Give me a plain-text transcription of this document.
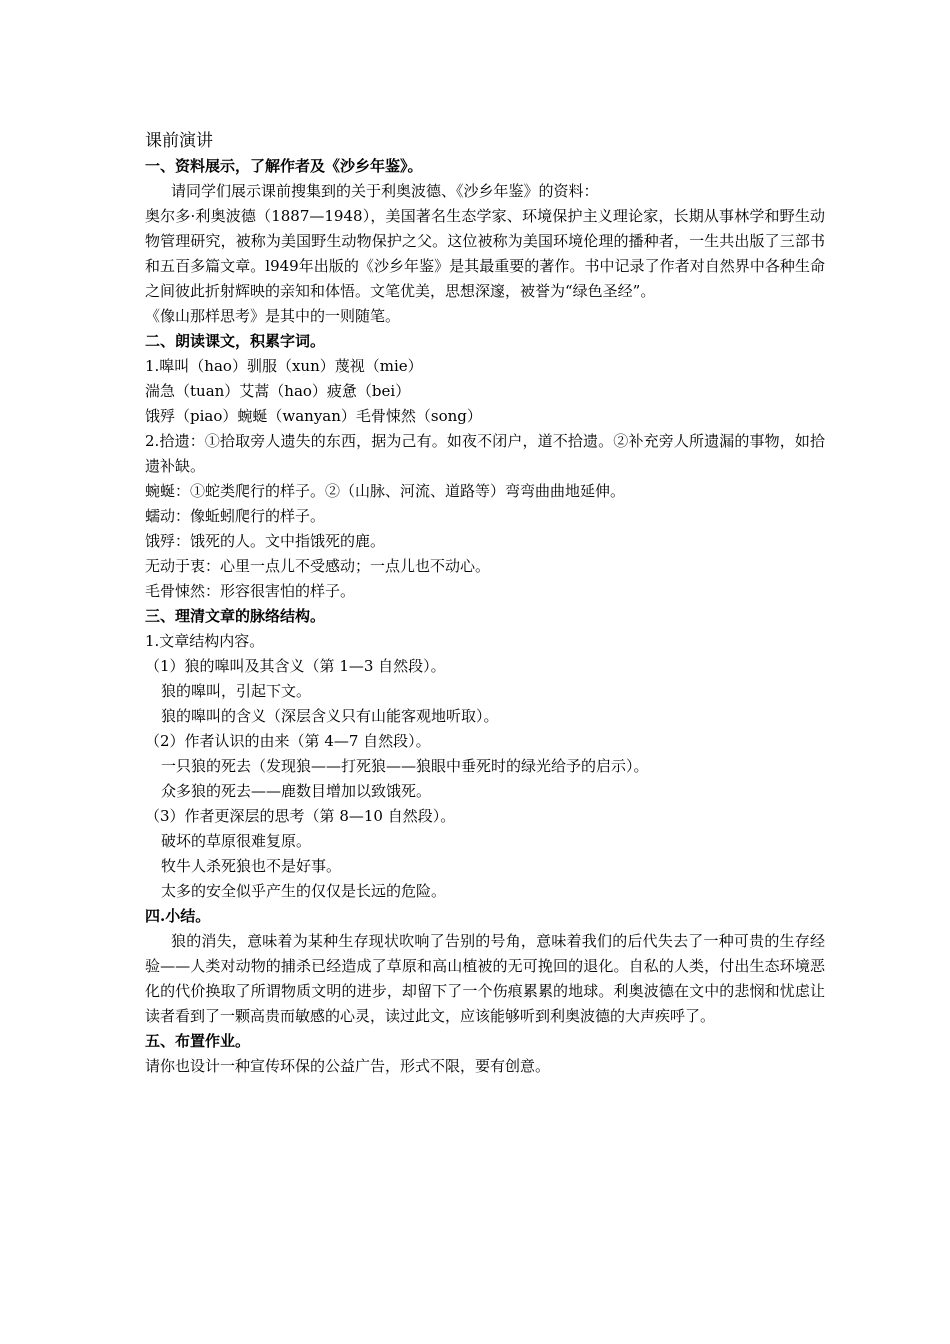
课前演讲

一、资料展示，了解作者及《沙乡年鉴》。

请同学们展示课前搜集到的关于利奥波德、《沙乡年鉴》的资料：

奥尔多·利奥波德（1887—1948），美国著名生态学家、环境保护主义理论家，长期从事林学和野生动物管理研究，被称为美国野生动物保护之父。这位被称为美国环境伦理的播种者，一生共出版了三部书和五百多篇文章。l949年出版的《沙乡年鉴》是其最重要的著作。书中记录了作者对自然界中各种生命之间彼此折射辉映的亲知和体悟。文笔优美，思想深邃，被誉为“绿色圣经”。

《像山那样思考》是其中的一则随笔。

二、朗读课文，积累字词。

1.嗥叫（hao）驯服（xun）蔑视（mie）

湍急（tuan）艾蒿（hao）疲惫（bei）

饿殍（piao）蜿蜒（wanyan）毛骨悚然（song）

2.拾遗：①拾取旁人遗失的东西，据为己有。如夜不闭户，道不拾遗。②补充旁人所遗漏的事物，如拾遗补缺。

蜿蜒：①蛇类爬行的样子。②（山脉、河流、道路等）弯弯曲曲地延伸。

蠕动：像蚯蚓爬行的样子。

饿殍：饿死的人。文中指饿死的鹿。

无动于衷：心里一点儿不受感动；一点儿也不动心。

毛骨悚然：形容很害怕的样子。

三、理清文章的脉络结构。

1.文章结构内容。

（1）狼的嗥叫及其含义（第 1—3 自然段）。

狼的嗥叫，引起下文。

狼的嗥叫的含义（深层含义只有山能客观地听取）。

（2）作者认识的由来（第 4—7 自然段）。

一只狼的死去（发现狼——打死狼——狼眼中垂死时的绿光给予的启示）。

众多狼的死去——鹿数目增加以致饿死。

（3）作者更深层的思考（第 8—10 自然段）。

破坏的草原很难复原。

牧牛人杀死狼也不是好事。

太多的安全似乎产生的仅仅是长远的危险。

四.小结。

狼的消失，意味着为某种生存现状吹响了告别的号角，意味着我们的后代失去了一种可贵的生存经验——人类对动物的捕杀已经造成了草原和高山植被的无可挽回的退化。自私的人类，付出生态环境恶化的代价换取了所谓物质文明的进步，却留下了一个伤痕累累的地球。利奥波德在文中的悲悯和忧虑让读者看到了一颗高贵而敏感的心灵，读过此文，应该能够听到利奥波德的大声疾呼了。

五、布置作业。

请你也设计一种宣传环保的公益广告，形式不限，要有创意。
